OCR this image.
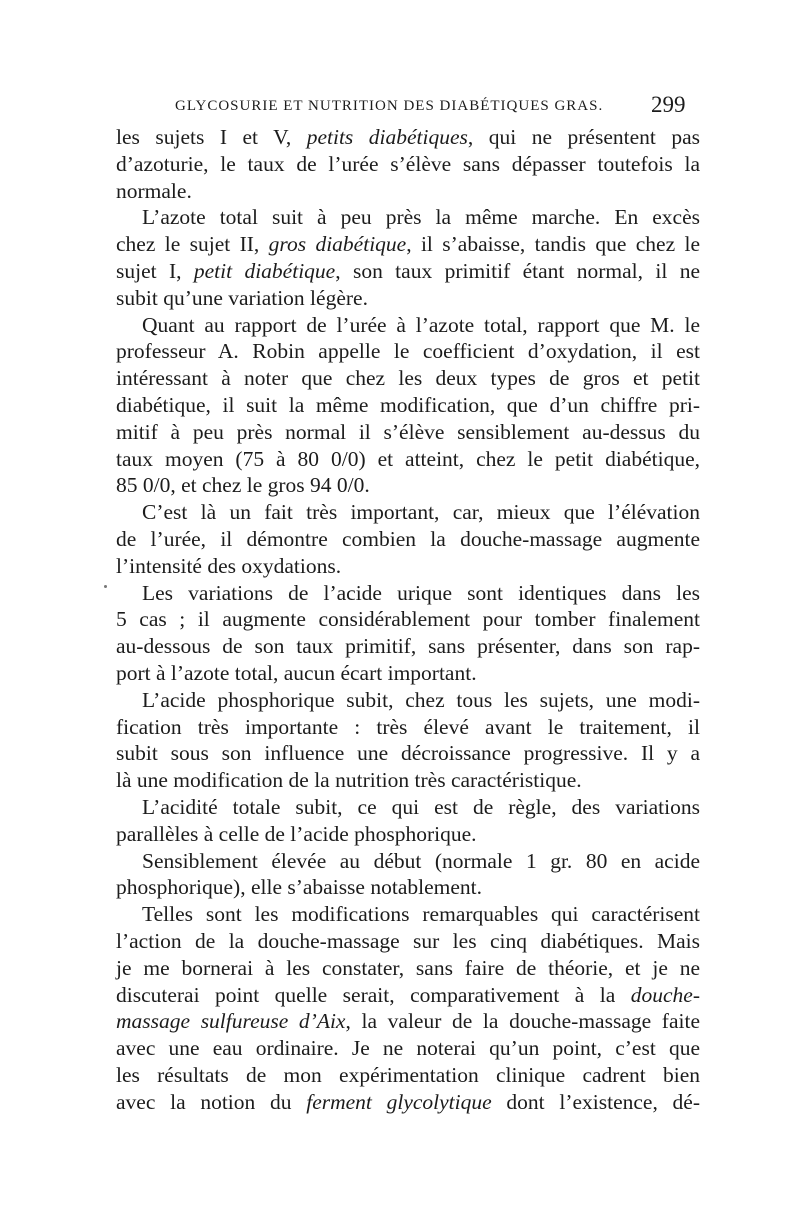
GLYCOSURIE ET NUTRITION DES DIABÉTIQUES GRAS.	299
les sujets I et V, petits diabétiques, qui ne présentent pas
d’azoturie, le taux de l’urée s’élève sans dépasser toutefois la
normale.
L’azote total suit à peu près la même marche. En excès
chez le sujet II, gros diabétique, il s’abaisse, tandis que chez le
sujet I, petit diabétique, son taux primitif étant normal, il ne
subit qu’une variation légère.
Quant au rapport de l’urée à l’azote total, rapport que M. le
professeur A. Robin appelle le coefficient d’oxydation, il est
intéressant à noter que chez les deux types de gros et petit
diabétique, il suit la même modification, que d’un chiffre pri-
mitif à peu près normal il s’élève sensiblement au-dessus du
taux moyen (75 à 80 0/0) et atteint, chez le petit diabétique,
85 0/0, et chez le gros 94 0/0.
C’est là un fait très important, car, mieux que l’élévation
de l’urée, il démontre combien la douche-massage augmente
l’intensité des oxydations.
Les variations de l’acide urique sont identiques dans les
5 cas ; il augmente considérablement pour tomber finalement
au-dessous de son taux primitif, sans présenter, dans son rap-
port à l’azote total, aucun écart important.
L’acide phosphorique subit, chez tous les sujets, une modi-
fication très importante : très élevé avant le traitement, il
subit sous son influence une décroissance progressive. Il y a
là une modification de la nutrition très caractéristique.
L’acidité totale subit, ce qui est de règle, des variations
parallèles à celle de l’acide phosphorique.
Sensiblement élevée au début (normale 1 gr. 80 en acide
phosphorique), elle s’abaisse notablement.
Telles sont les modifications remarquables qui caractérisent
l’action de la douche-massage sur les cinq diabétiques. Mais
je me bornerai à les constater, sans faire de théorie, et je ne
discuterai point quelle serait, comparativement à la douche-
massage sulfureuse d’Aix, la valeur de la douche-massage faite
avec une eau ordinaire. Je ne noterai qu’un point, c’est que
les résultats de mon expérimentation clinique cadrent bien
avec la notion du ferment glycolytique dont l’existence, dé-
